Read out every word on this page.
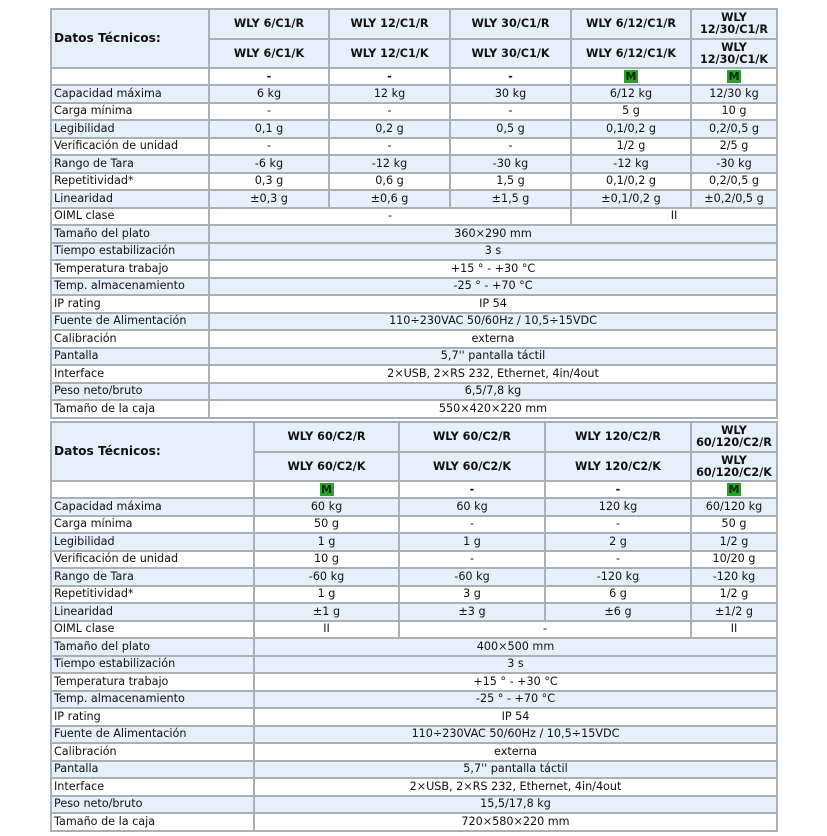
Datos Técnicos:	WLY 6/C1/R	WLY 12/C1/R	WLY 30/C1/R	WLY 6/12/C1/R	WLY 12/30/C1/R
	WLY 6/C1/K	WLY 12/C1/K	WLY 30/C1/K	WLY 6/12/C1/K	WLY 12/30/C1/K
	-	-	-	M	M
Capacidad máxima	6 kg	12 kg	30 kg	6/12 kg	12/30 kg
Carga mínima	-	-	-	5 g	10 g
Legibilidad	0,1 g	0,2 g	0,5 g	0,1/0,2 g	0,2/0,5 g
Verificación de unidad	-	-	-	1/2 g	2/5 g
Rango de Tara	-6 kg	-12 kg	-30 kg	-12 kg	-30 kg
Repetitividad*	0,3 g	0,6 g	1,5 g	0,1/0,2 g	0,2/0,5 g
Linearidad	±0,3 g	±0,6 g	±1,5 g	±0,1/0,2 g	±0,2/0,5 g
OIML clase	-			II	
Tamaño del plato	360×290 mm				
Tiempo estabilización	3 s				
Temperatura trabajo	+15 ° - +30 °C				
Temp. almacenamiento	-25 ° - +70 °C				
IP rating	IP 54				
Fuente de Alimentación	110÷230VAC 50/60Hz / 10,5÷15VDC				
Calibración	externa				
Pantalla	5,7'' pantalla táctil				
Interface	2×USB, 2×RS 232, Ethernet, 4in/4out				
Peso neto/bruto	6,5/7,8 kg				
Tamaño de la caja	550×420×220 mm				
Datos Técnicos:	WLY 60/C2/R	WLY 60/C2/R	WLY 120/C2/R	WLY 60/120/C2/R
	WLY 60/C2/K	WLY 60/C2/K	WLY 120/C2/K	WLY 60/120/C2/K
	M	-	-	M
Capacidad máxima	60 kg	60 kg	120 kg	60/120 kg
Carga mínima	50 g	-	-	50 g
Legibilidad	1 g	1 g	2 g	1/2 g
Verificación de unidad	10 g	-	-	10/20 g
Rango de Tara	-60 kg	-60 kg	-120 kg	-120 kg
Repetitividad*	1 g	3 g	6 g	1/2 g
Linearidad	±1 g	±3 g	±6 g	±1/2 g
OIML clase	II	-		II
Tamaño del plato	400×500 mm			
Tiempo estabilización	3 s			
Temperatura trabajo	+15 ° - +30 °C			
Temp. almacenamiento	-25 ° - +70 °C			
IP rating	IP 54			
Fuente de Alimentación	110÷230VAC 50/60Hz / 10,5÷15VDC			
Calibración	externa			
Pantalla	5,7'' pantalla táctil			
Interface	2×USB, 2×RS 232, Ethernet, 4in/4out			
Peso neto/bruto	15,5/17,8 kg			
Tamaño de la caja	720×580×220 mm			
